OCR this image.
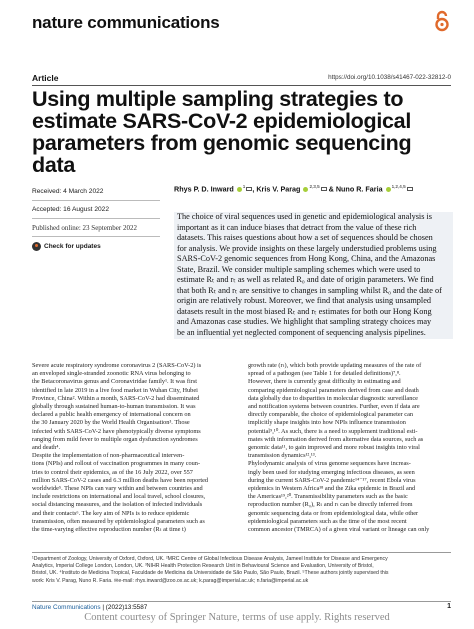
nature communications
Article	https://doi.org/10.1038/s41467-022-32812-0
Using multiple sampling strategies to estimate SARS-CoV-2 epidemiological parameters from genomic sequencing data
Received: 4 March 2022
Accepted: 16 August 2022
Published online: 23 September 2022
Check for updates
Rhys P. D. Inward $^1$ , Kris V. Parag $^{2,3,5}$ & Nuno R. Faria $^{1,2,4,5}$
The choice of viral sequences used in genetic and epidemiological analysis is
important as it can induce biases that detract from the value of these rich
datasets. This raises questions about how a set of sequences should be chosen
for analysis. We provide insights on these largely understudied problems using
SARS-CoV-2 genomic sequences from Hong Kong, China, and the Amazonas
State, Brazil. We consider multiple sampling schemes which were used to
estimate Rₜ and rₜ as well as related R₀ and date of origin parameters. We find
that both Rₜ and rₜ are sensitive to changes in sampling whilst R₀ and the date of
origin are relatively robust. Moreover, we find that analysis using unsampled
datasets result in the most biased Rₜ and rₜ estimates for both our Hong Kong
and Amazonas case studies. We highlight that sampling strategy choices may
be an influential yet neglected component of sequencing analysis pipelines.
Severe acute respiratory syndrome coronavirus 2 (SARS-CoV-2) is
an enveloped single-stranded zoonotic RNA virus belonging to
the Betacoronavirus genus and Coronaviridae family¹. It was first
identified in late 2019 in a live food market in Wuhan City, Hubei
Province, China². Within a month, SARS-CoV-2 had disseminated
globally through sustained human-to-human transmission. It was
declared a public health emergency of international concern on
the 30 January 2020 by the World Health Organisation³. Those
infected with SARS-CoV-2 have phenotypically diverse symptoms
ranging from mild fever to multiple organ dysfunction syndromes
and death⁴.
Despite the implementation of non-pharmaceutical interven-
tions (NPIs) and rollout of vaccination programmes in many coun-
tries to control their epidemics, as of the 16 July 2022, over 557
million SARS-CoV-2 cases and 6.3 million deaths have been reported
worldwide⁵. These NPIs can vary within and between countries and
include restrictions on international and local travel, school closures,
social distancing measures, and the isolation of infected individuals
and their contacts⁶. The key aim of NPIs is to reduce epidemic
transmission, often measured by epidemiological parameters such as
the time-varying effective reproduction number (Rₜ at time t)
growth rate (rₜ), which both provide updating measures of the rate of
spread of a pathogen (see Table 1 for detailed definitions)⁷,⁸.
However, there is currently great difficulty in estimating and
comparing epidemiological parameters derived from case and death
data globally due to disparities in molecular diagnostic surveillance
and notification systems between countries. Further, even if data are
directly comparable, the choice of epidemiological parameter can
implicitly shape insights into how NPIs influence transmission
potential⁹,¹⁰. As such, there is a need to supplement traditional esti-
mates with information derived from alternative data sources, such as
genomic data¹¹, to gain improved and more robust insights into viral
transmission dynamics¹²,¹³.
Phylodynamic analysis of virus genome sequences have increas-
ingly been used for studying emerging infectious diseases, as seen
during the current SARS-CoV-2 pandemic¹⁴⁻¹⁷, recent Ebola virus
epidemics in Western Africa¹⁸ and the Zika epidemic in Brazil and
the Americas¹⁹,²⁰. Transmissibility parameters such as the basic
reproduction number (R₀), Rₜ and rₜ can be directly inferred from
genomic sequencing data or from epidemiological data, while other
epidemiological parameters such as the time of the most recent
common ancestor (TMRCA) of a given viral variant or lineage can only
¹Department of Zoology, University of Oxford, Oxford, UK. ²MRC Centre of Global Infectious Disease Analysis, Jameel Institute for Disease and Emergency
Analytics, Imperial College London, London, UK. ³NIHR Health Protection Research Unit in Behavioural Science and Evaluation, University of Bristol,
Bristol, UK. ⁴Instituto de Medicina Tropical, Faculdade de Medicina da Universidade de São Paulo, São Paulo, Brazil. ⁵These authors jointly supervised this
work: Kris V. Parag, Nuno R. Faria. ✉e-mail: rhys.inward@zoo.ox.ac.uk; k.parag@imperial.ac.uk; n.faria@imperial.ac.uk
Nature Communications | (2022)13:5587	1
Content courtesy of Springer Nature, terms of use apply. Rights reserved
